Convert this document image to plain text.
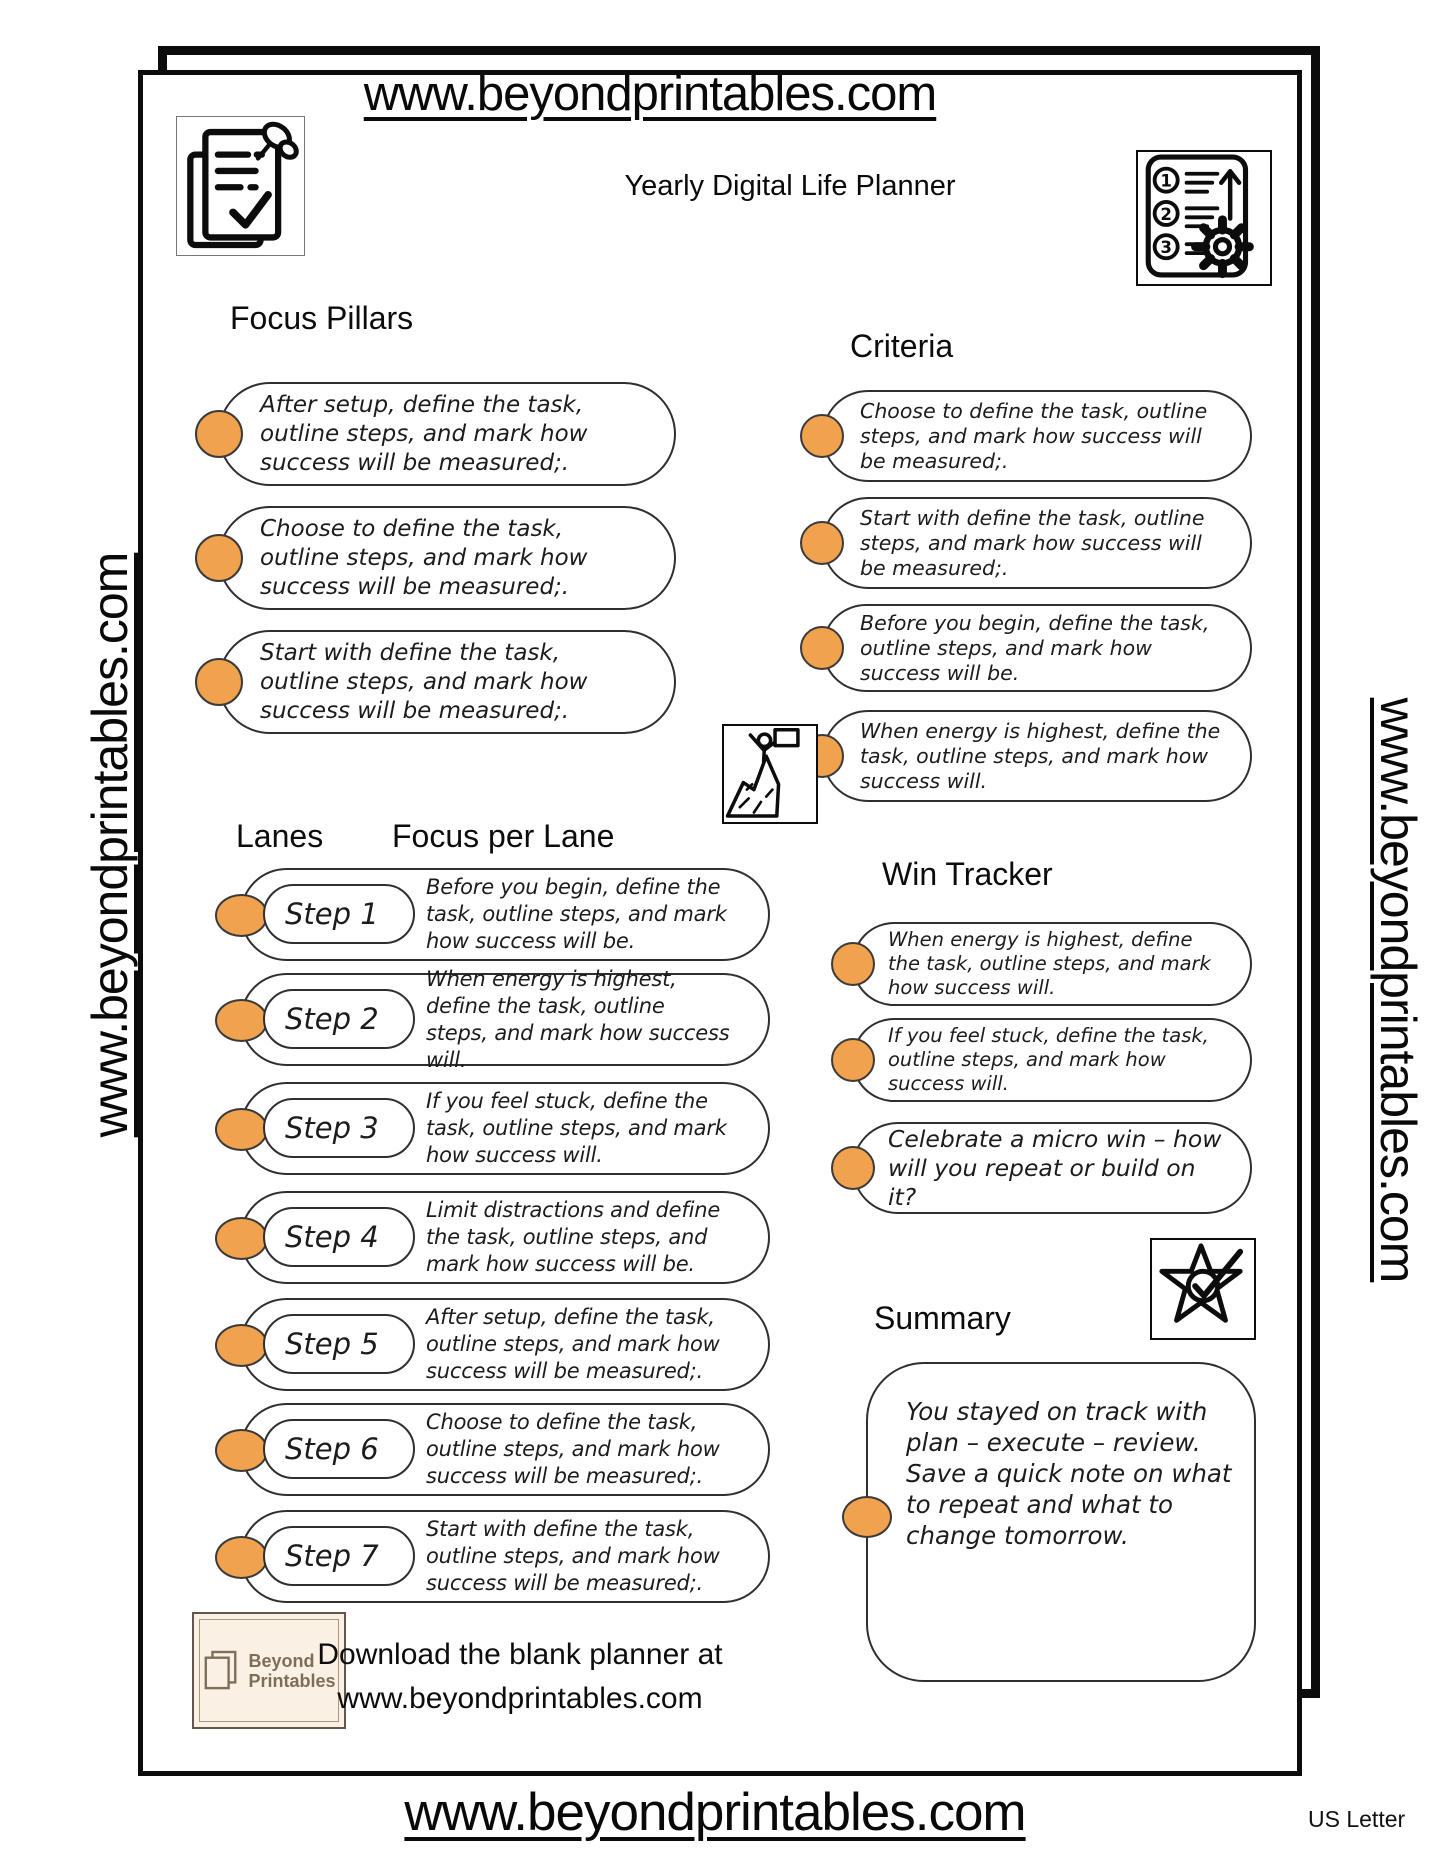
www.beyondprintables.com
www.beyondprintables.com
www.beyondprintables.com	www.beyondprintables.com
Yearly Digital Life Planner
US Letter
1
2
3
Focus Pillars
After setup, define the task, outline steps, and mark how success will be measured;.
Choose to define the task, outline steps, and mark how success will be measured;.
Start with define the task, outline steps, and mark how success will be measured;.
Criteria
Choose to define the task, outline steps, and mark how success will be measured;.
Start with define the task, outline steps, and mark how success will be measured;.
Before you begin, define the task, outline steps, and mark how success will be.
When energy is highest, define the task, outline steps, and mark how success will.
Lanes Focus per Lane
Step 1
Before you begin, define the task, outline steps, and mark how success will be.
Step 2
When energy is highest, define the task, outline steps, and mark how success will.
Step 3
If you feel stuck, define the task, outline steps, and mark how success will.
Step 4
Limit distractions and define the task, outline steps, and mark how success will be.
Step 5
After setup, define the task, outline steps, and mark how success will be measured;.
Step 6
Choose to define the task, outline steps, and mark how success will be measured;.
Step 7
Start with define the task, outline steps, and mark how success will be measured;.
Win Tracker
When energy is highest, define the task, outline steps, and mark how success will.
If you feel stuck, define the task, outline steps, and mark how success will.
Celebrate a micro win – how will you repeat or build on it?
Summary
You stayed on track with plan – execute – review. Save a quick note on what to repeat and what to change tomorrow.
Beyond
Printables
Download the blank planner at
www.beyondprintables.com
